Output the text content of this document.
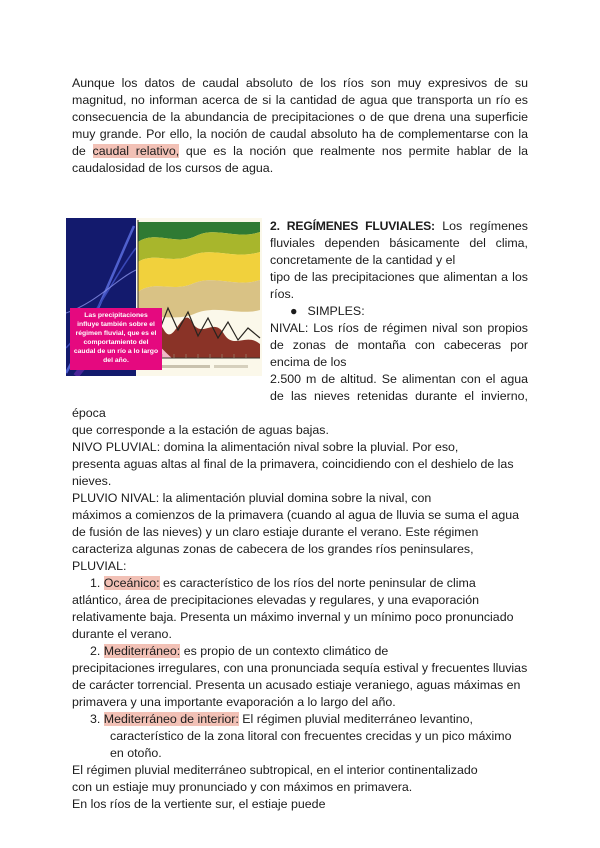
Aunque los datos de caudal absoluto de los ríos son muy expresivos de su magnitud, no informan acerca de si la cantidad de agua que transporta un río es consecuencia de la abundancia de precipitaciones o de que drena una superficie muy grande. Por ello, la noción de caudal absoluto ha de complementarse con la de caudal relativo, que es la noción que realmente nos permite hablar de la caudalosidad de los cursos de agua.

Las precipitaciones influye también sobre el régimen fluvial, que es el comportamiento del caudal de un río a lo largo del año.

2. REGÍMENES FLUVIALES: Los regímenes fluviales dependen básicamente del clima, concretamente de la cantidad y el
tipo de las precipitaciones que alimentan a los ríos.

● SIMPLES:

NIVAL: Los ríos de régimen nival son propios de zonas de montaña con cabeceras por encima de los
2.500 m de altitud. Se alimentan con el agua de las nieves retenidas durante el invierno, época
que corresponde a la estación de aguas bajas.

NIVO PLUVIAL: domina la alimentación nival sobre la pluvial. Por eso,
presenta aguas altas al final de la primavera, coincidiendo con el deshielo de las nieves.

PLUVIO NIVAL: la alimentación pluvial domina sobre la nival, con
máximos a comienzos de la primavera (cuando al agua de lluvia se suma el agua de fusión de las nieves) y un claro estiaje durante el verano. Este régimen caracteriza algunas zonas de cabecera de los grandes ríos peninsulares,

PLUVIAL:

1. Oceánico: es característico de los ríos del norte peninsular de clima atlántico, área de precipitaciones elevadas y regulares, y una evaporación relativamente baja. Presenta un máximo invernal y un mínimo poco pronunciado durante el verano.
2. Mediterráneo: es propio de un contexto climático de
precipitaciones irregulares, con una pronunciada sequía estival y frecuentes lluvias de carácter torrencial. Presenta un acusado estiaje veraniego, aguas máximas en primavera y una importante evaporación a lo largo del año.
3. Mediterráneo de interior: El régimen pluvial mediterráneo levantino, característico de la zona litoral con frecuentes crecidas y un pico máximo en otoño.

El régimen pluvial mediterráneo subtropical, en el interior continentalizado
con un estiaje muy pronunciado y con máximos en primavera.
En los ríos de la vertiente sur, el estiaje puede
